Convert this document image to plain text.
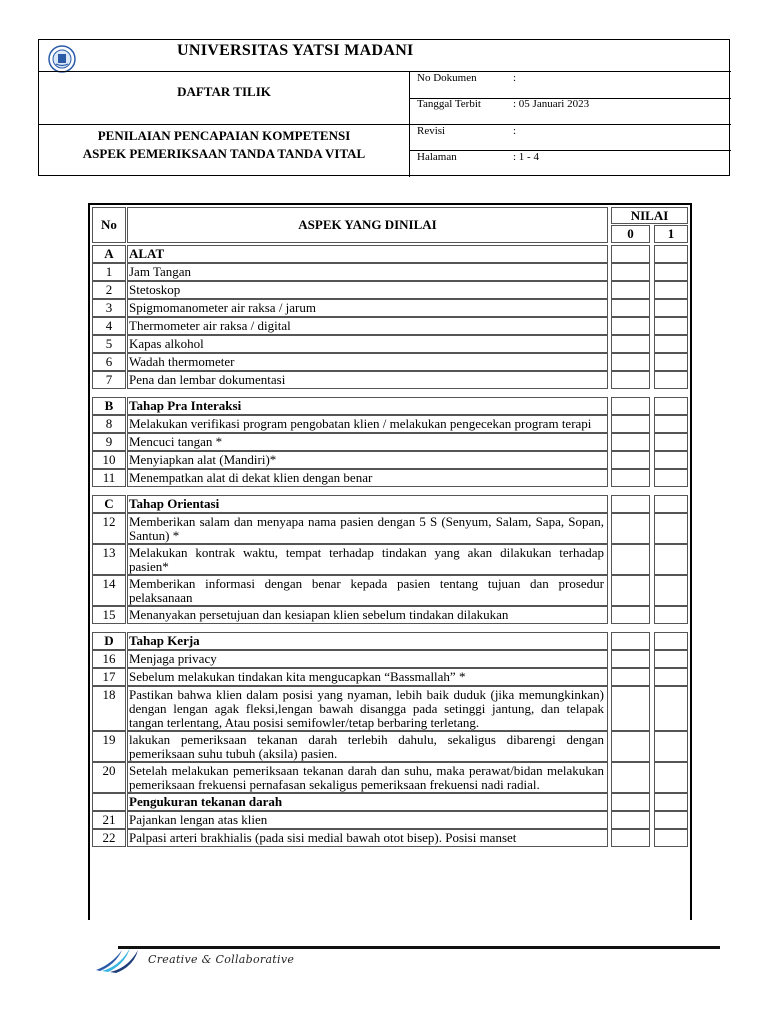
UNIVERSITAS YATSI MADANI
DAFTAR TILIK
PENILAIAN PENCAPAIAN KOMPETENSI
ASPEK PEMERIKSAAN TANDA TANDA VITAL
No Dokumen	:
Tanggal Terbit	: 05 Januari 2023
Revisi	:
Halaman	: 1 - 4
No	ASPEK YANG DINILAI
NILAI
0	1
A	ALAT
1	Jam Tangan
2	Stetoskop
3	Spigmomanometer air raksa / jarum
4	Thermometer air raksa / digital
5	Kapas alkohol
6	Wadah thermometer
7	Pena dan lembar dokumentasi
B	Tahap Pra Interaksi
8	Melakukan verifikasi program pengobatan klien / melakukan pengecekan program terapi
9	Mencuci tangan *
10	Menyiapkan alat (Mandiri)*
11	Menempatkan alat di dekat klien dengan benar
C	Tahap Orientasi
12	Memberikan salam dan menyapa nama pasien dengan 5 S (Senyum, Salam, Sapa, Sopan, Santun) *
13	Melakukan kontrak waktu, tempat terhadap tindakan yang akan dilakukan terhadap pasien*
14	Memberikan informasi dengan benar kepada pasien tentang tujuan dan prosedur pelaksanaan
15	Menanyakan persetujuan dan kesiapan klien sebelum tindakan dilakukan
D	Tahap Kerja
16	Menjaga privacy
17	Sebelum melakukan tindakan kita mengucapkan “Bassmallah” *
18	Pastikan bahwa klien dalam posisi yang nyaman, lebih baik duduk (jika memungkinkan) dengan lengan agak fleksi,lengan bawah disangga pada setinggi jantung, dan telapak tangan terlentang, Atau posisi semifowler/tetap berbaring terletang.
19	lakukan pemeriksaan tekanan darah terlebih dahulu, sekaligus dibarengi dengan pemeriksaan suhu tubuh (aksila) pasien.
20	Setelah melakukan pemeriksaan tekanan darah dan suhu, maka perawat/bidan melakukan pemeriksaan frekuensi pernafasan sekaligus pemeriksaan frekuensi nadi radial.
Pengukuran tekanan darah
21	Pajankan lengan atas klien
22	Palpasi arteri brakhialis (pada sisi medial bawah otot bisep). Posisi manset
Creative & Collaborative
